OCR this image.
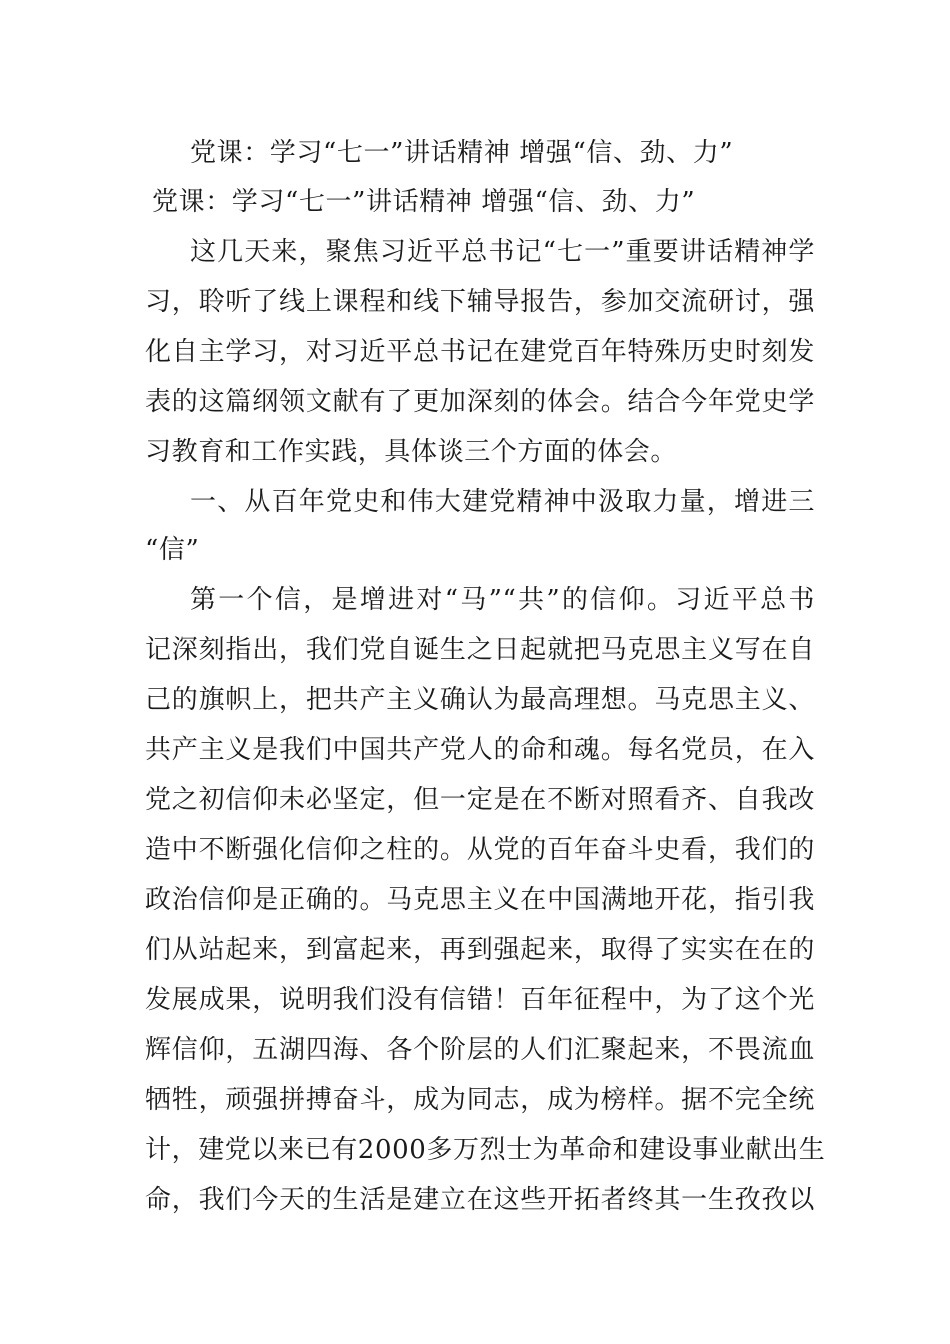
党课：学习“七一”讲话精神 增强“信、劲、力”
党课：学习“七一”讲话精神 增强“信、劲、力”
这几天来，聚焦习近平总书记“七一”重要讲话精神学
习，聆听了线上课程和线下辅导报告，参加交流研讨，强
化自主学习，对习近平总书记在建党百年特殊历史时刻发
表的这篇纲领文献有了更加深刻的体会。结合今年党史学
习教育和工作实践，具体谈三个方面的体会。
一、从百年党史和伟大建党精神中汲取力量，增进三
“信”
第一个信，是增进对“马”“共”的信仰。习近平总书
记深刻指出，我们党自诞生之日起就把马克思主义写在自
己的旗帜上，把共产主义确认为最高理想。马克思主义、
共产主义是我们中国共产党人的命和魂。每名党员，在入
党之初信仰未必坚定，但一定是在不断对照看齐、自我改
造中不断强化信仰之柱的。从党的百年奋斗史看，我们的
政治信仰是正确的。马克思主义在中国满地开花，指引我
们从站起来，到富起来，再到强起来，取得了实实在在的
发展成果，说明我们没有信错！百年征程中，为了这个光
辉信仰，五湖四海、各个阶层的人们汇聚起来，不畏流血
牺牲，顽强拼搏奋斗，成为同志，成为榜样。据不完全统
计，建党以来已有2000多万烈士为革命和建设事业献出生
命，我们今天的生活是建立在这些开拓者终其一生孜孜以
